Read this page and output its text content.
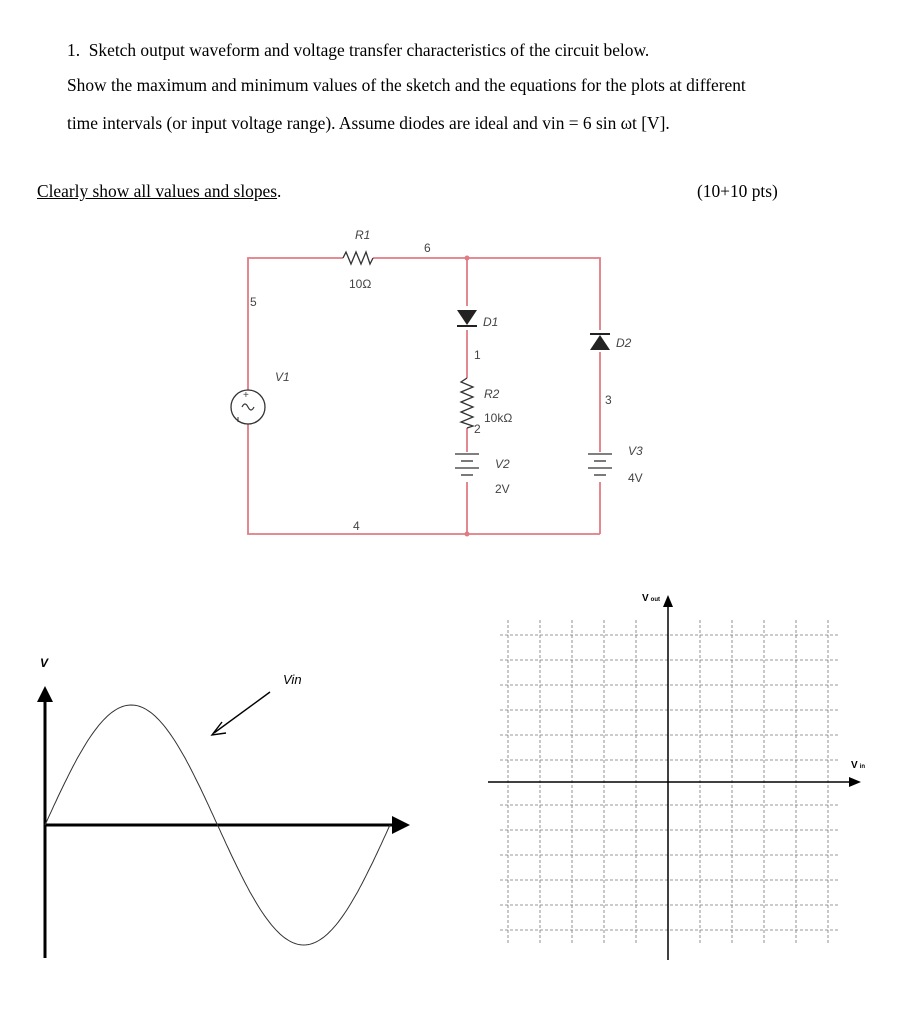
1. Sketch output waveform and voltage transfer characteristics of the circuit below.
Show the maximum and minimum values of the sketch and the equations for the plots at different
time intervals (or input voltage range). Assume diodes are ideal and vin = 6 sin ωt [V].
Clearly show all values and slopes.	(10+10 pts)
R1
10Ω
6
+
5
V1
4
D1
1
R2
10kΩ
2
V2
2V
D2
3
V3
4V
V
Vin
Vout
Vin
